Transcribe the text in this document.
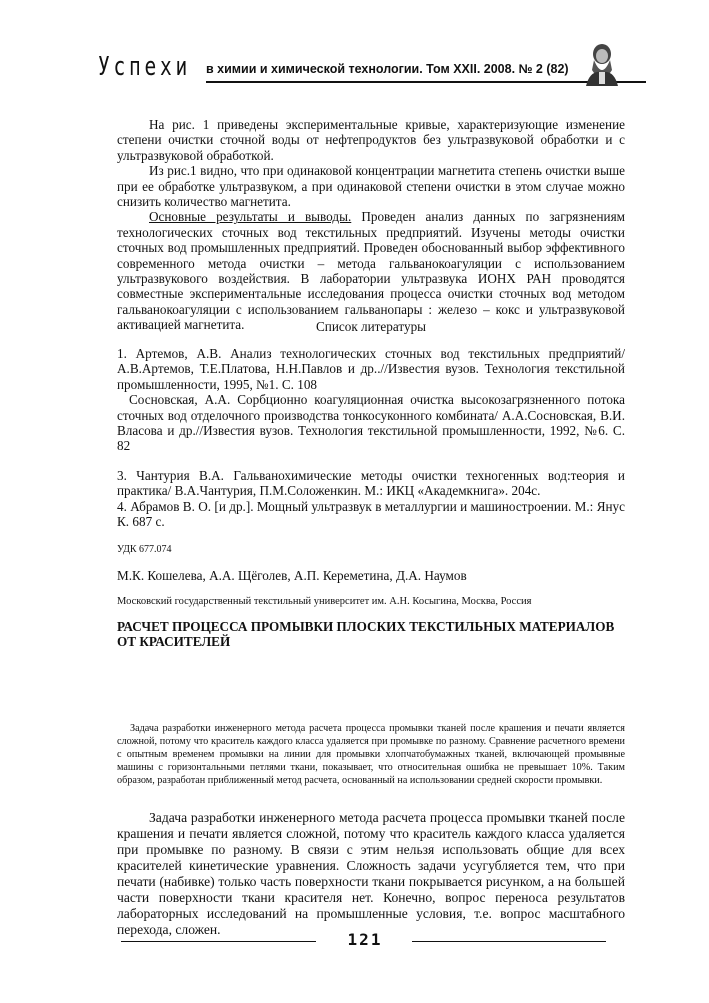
Успехи в химии и химической технологии. Том XXII. 2008. № 2 (82)

На рис. 1 приведены экспериментальные кривые, характеризующие изменение степени очистки сточной воды от нефтепродуктов без ультразвуковой обработки и с ультразвуковой обработкой.

Из рис.1 видно, что при одинаковой концентрации магнетита степень очистки выше при ее обработке ультразвуком, а при одинаковой степени очистки в этом случае можно снизить количество магнетита.

Основные результаты и выводы. Проведен анализ данных по загрязнениям технологических сточных вод текстильных предприятий. Изучены методы очистки сточных вод промышленных предприятий. Проведен обоснованный выбор эффективного современного метода очистки – метода гальванокоагуляции с использованием ультразвукового воздействия. В лаборатории ультразвука ИОНХ РАН проводятся совместные экспериментальные исследования процесса очистки сточных вод методом гальванокоагуляции с использованием гальванопары : железо – кокс и ультразвуковой активацией магнетита.	Список литературы

1. Артемов, А.В. Анализ технологических сточных вод текстильных предприятий/ А.В.Артемов, Т.Е.Платова, Н.Н.Павлов и др..//Известия вузов. Технология текстильной промышленности, 1995, №1. С. 108

Сосновская, А.А. Сорбционно коагуляционная очистка высокозагрязненного потока сточных вод отделочного производства тонкосуконного комбината/ А.А.Сосновская, В.И. Власова и др.//Известия вузов. Технология текстильной промышленности, 1992, №6. С. 82

3. Чантурия В.А. Гальванохимические методы очистки техногенных вод:теория и практика/ В.А.Чантурия, П.М.Соложенкин. М.: ИКЦ «Академкнига». 204с.

4. Абрамов В. О. [и др.]. Мощный ультразвук в металлургии и машиностроении. М.: Янус К. 687 с.

УДК 677.074
М.К. Кошелева, А.А. Щёголев, А.П. Кереметина, Д.А. Наумов
Московский государственный текстильный университет им. А.Н. Косыгина, Москва, Россия
РАСЧЕТ ПРОЦЕССА ПРОМЫВКИ ПЛОСКИХ ТЕКСТИЛЬНЫХ МАТЕРИАЛОВ ОТ КРАСИТЕЛЕЙ

Задача разработки инженерного метода расчета процесса промывки тканей после крашения и печати является сложной, потому что краситель каждого класса удаляется при промывке по разному. Сравнение расчетного времени с опытным временем промывки на линии для промывки хлопчатобумажных тканей, включающей промывные машины с горизонтальными петлями ткани, показывает, что относительная ошибка не превышает 10%. Таким образом, разработан приближенный метод расчета, основанный на использовании средней скорости промывки.

Задача разработки инженерного метода расчета процесса промывки тканей после крашения и печати является сложной, потому что краситель каждого класса удаляется при промывке по разному. В связи с этим нельзя использовать общие для всех красителей кинетические уравнения. Сложность задачи усугубляется тем, что при печати (набивке) только часть поверхности ткани покрывается рисунком, а на большей части поверхности ткани красителя нет. Конечно, вопрос переноса результатов лабораторных исследований на промышленные условия, т.е. вопрос масштабного перехода, сложен.

121
